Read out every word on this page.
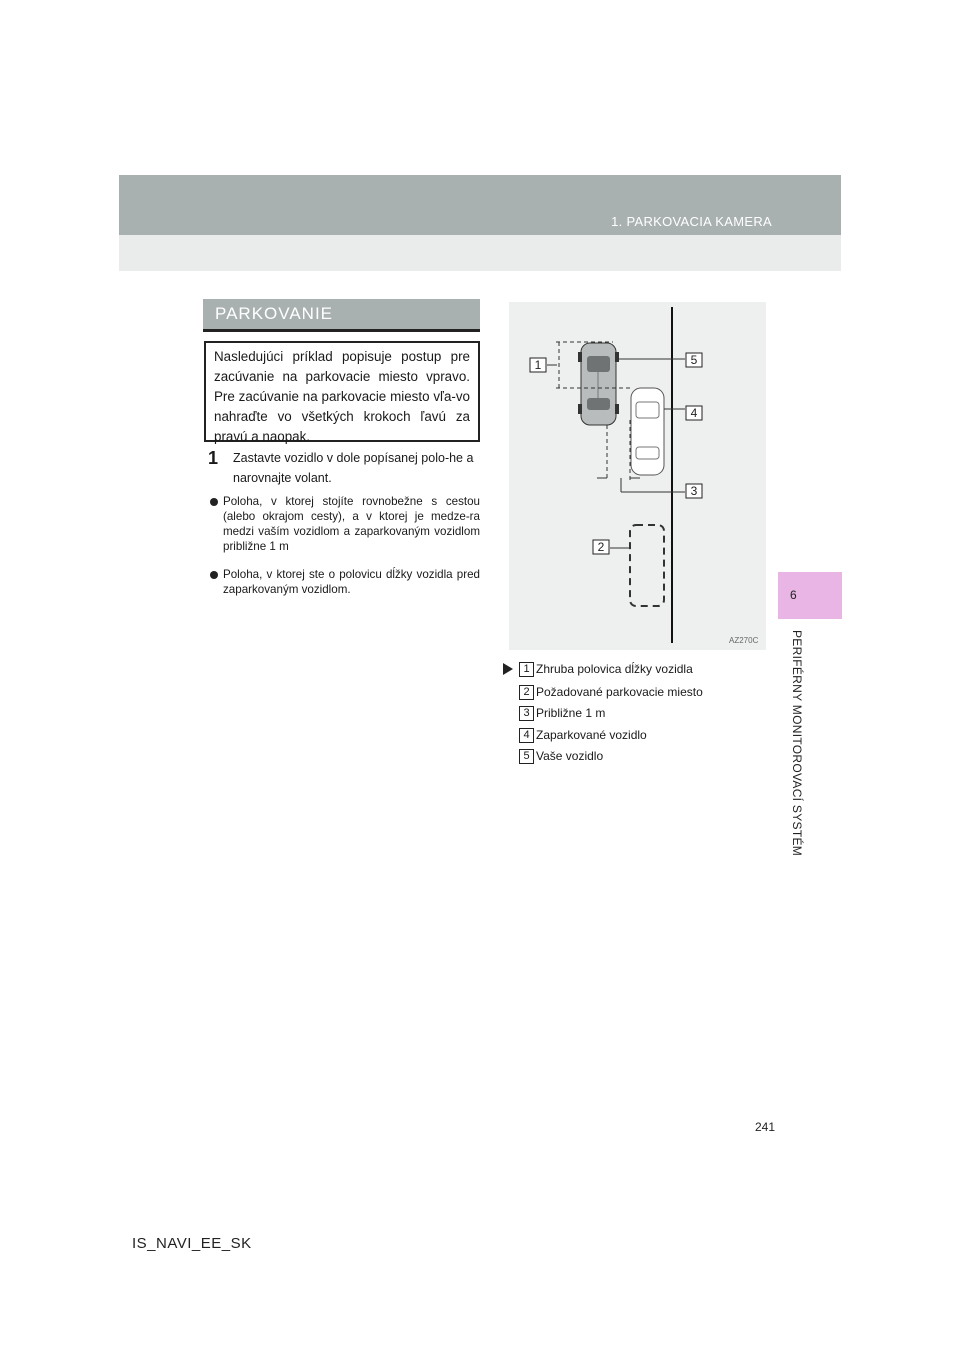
1. PARKOVACIA KAMERA
6
PERIFÉRNY MONITOROVACÍ SYSTÉM
PARKOVANIE
Nasledujúci príklad popisuje postup pre zacúvanie na parkovacie miesto vpravo. Pre zacúvanie na parkovacie miesto vľa-vo nahraďte vo všetkých krokoch ľavú za pravú a naopak.
1	Zastavte vozidlo v dole popísanej polo-he a narovnajte volant.
Poloha, v ktorej stojíte rovnobežne s cestou (alebo okrajom cesty), a v ktorej je medze-ra medzi vaším vozidlom a zaparkovaným vozidlom približne 1 m
Poloha, v ktorej ste o polovicu dĺžky vozidla pred zaparkovaným vozidlom.
1
2
3
4
5
AZ270C
1 Zhruba polovica dĺžky vozidla
2 Požadované parkovacie miesto
3 Približne 1 m
4 Zaparkované vozidlo
5 Vaše vozidlo
241
IS_NAVI_EE_SK
